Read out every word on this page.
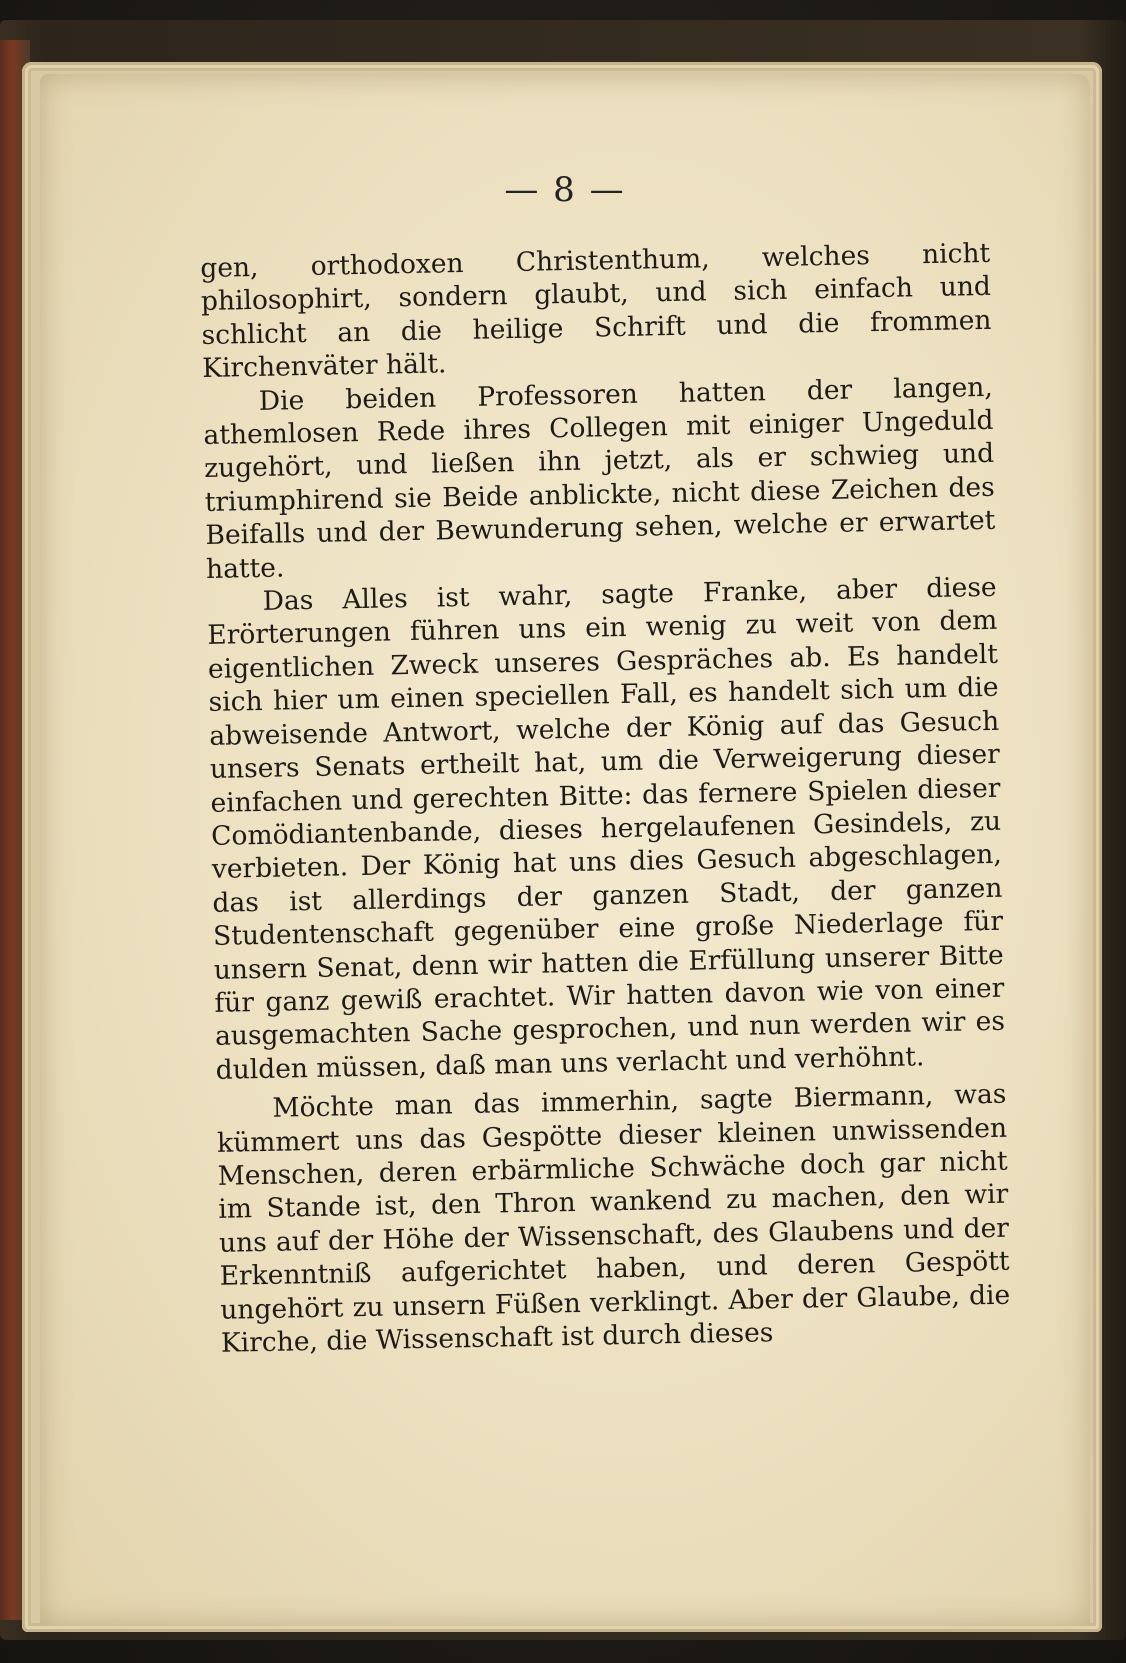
— 8 —

gen, orthodoxen Christenthum, welches nicht philosophirt, sondern glaubt, und sich einfach und schlicht an die heilige Schrift und die frommen Kirchenväter hält.

Die beiden Professoren hatten der langen, athemlosen Rede ihres Collegen mit einiger Ungeduld zugehört, und ließen ihn jetzt, als er schwieg und triumphirend sie Beide anblickte, nicht diese Zeichen des Beifalls und der Bewunderung sehen, welche er erwartet hatte.

Das Alles ist wahr, sagte Franke, aber diese Erörterungen führen uns ein wenig zu weit von dem eigentlichen Zweck unseres Gespräches ab. Es handelt sich hier um einen speciellen Fall, es handelt sich um die abweisende Antwort, welche der König auf das Gesuch unsers Senats ertheilt hat, um die Verweigerung dieser einfachen und gerechten Bitte: das fernere Spielen dieser Comödiantenbande, dieses hergelaufenen Gesindels, zu verbieten. Der König hat uns dies Gesuch abgeschlagen, das ist allerdings der ganzen Stadt, der ganzen Studentenschaft gegenüber eine große Niederlage für unsern Senat, denn wir hatten die Erfüllung unserer Bitte für ganz gewiß erachtet. Wir hatten davon wie von einer ausgemachten Sache gesprochen, und nun werden wir es dulden müssen, daß man uns verlacht und verhöhnt.

Möchte man das immerhin, sagte Biermann, was kümmert uns das Gespötte dieser kleinen unwissenden Menschen, deren erbärmliche Schwäche doch gar nicht im Stande ist, den Thron wankend zu machen, den wir uns auf der Höhe der Wissenschaft, des Glaubens und der Erkenntniß aufgerichtet haben, und deren Gespött ungehört zu unsern Füßen verklingt. Aber der Glaube, die Kirche, die Wissenschaft ist durch dieses
